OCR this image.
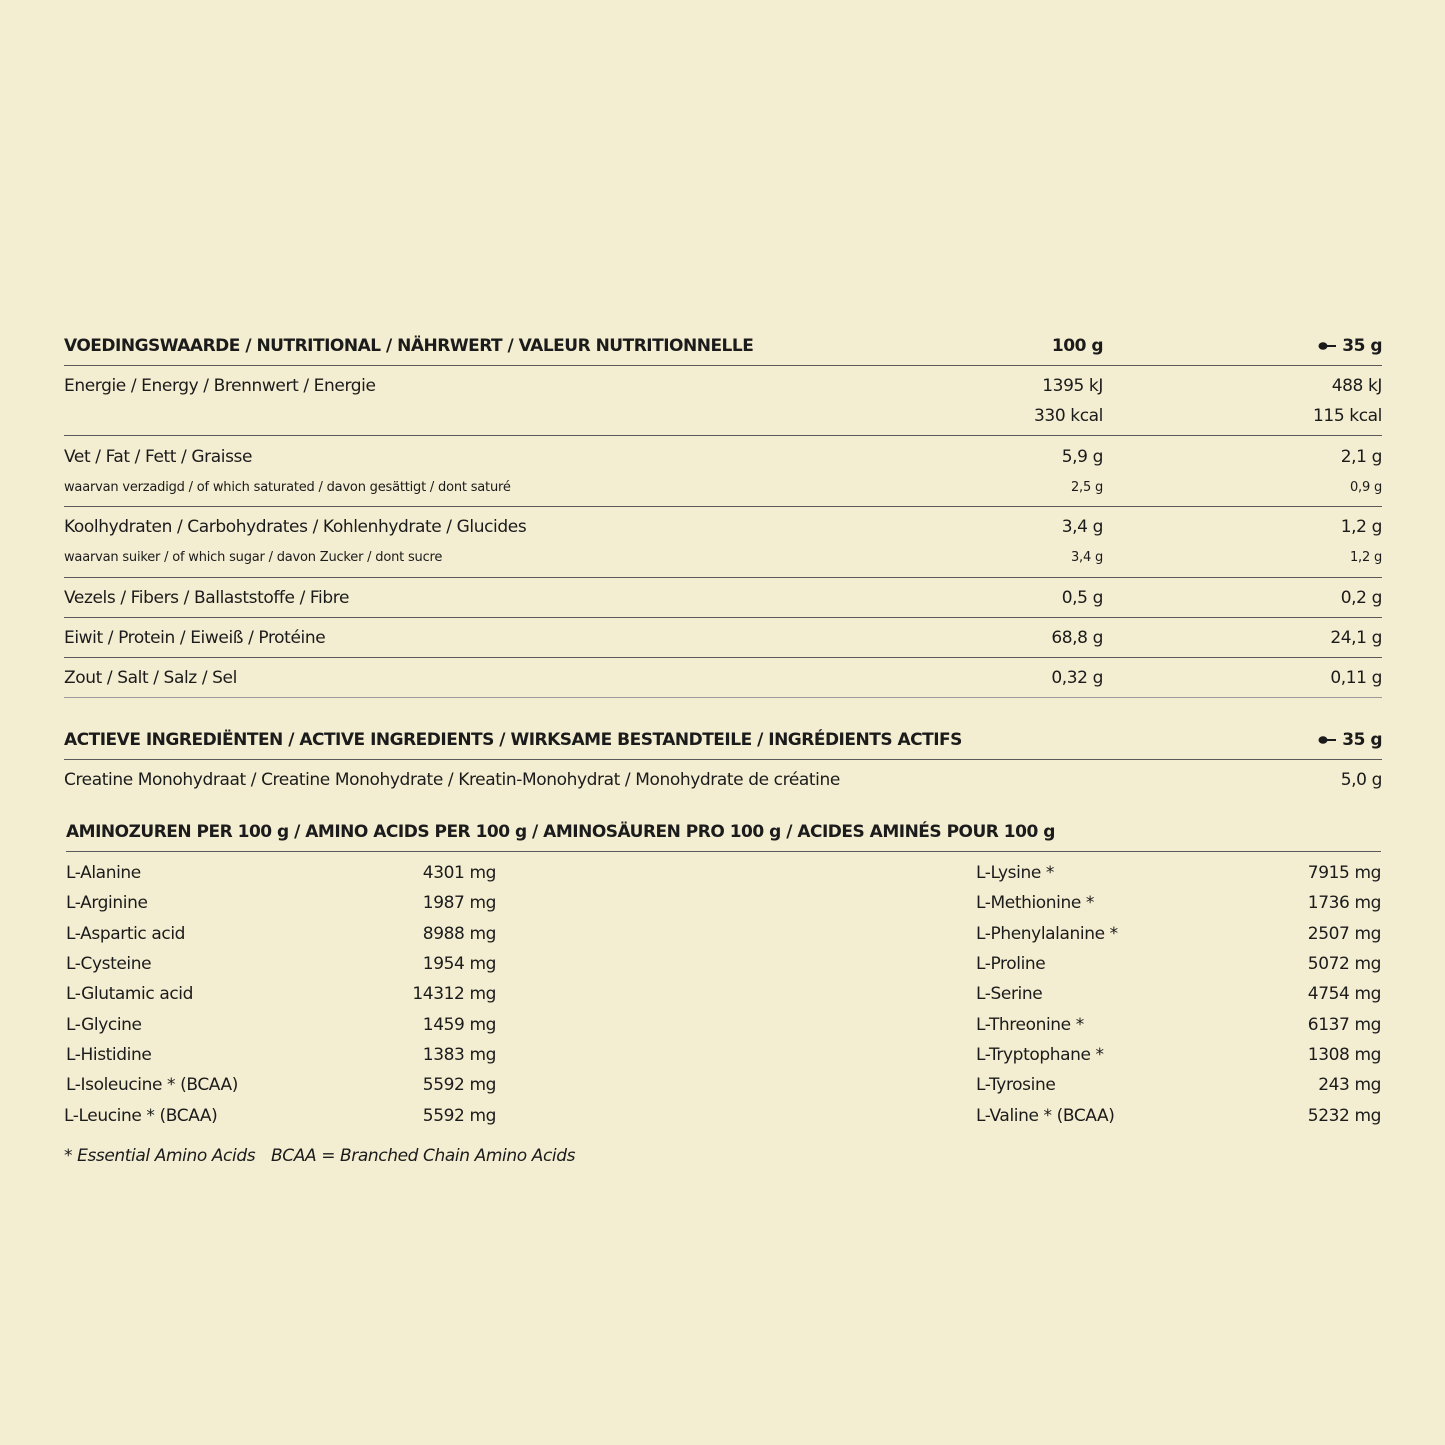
VOEDINGSWAARDE / NUTRITIONAL / NÄHRWERT / VALEUR NUTRITIONNELLE	100 g	35 g
Energie / Energy / Brennwert / Energie	1395 kJ	488 kJ
330 kcal	115 kcal
Vet / Fat / Fett / Graisse	5,9 g	2,1 g
waarvan verzadigd / of which saturated / davon gesättigt / dont saturé	2,5 g	0,9 g
Koolhydraten / Carbohydrates / Kohlenhydrate / Glucides	3,4 g	1,2 g
waarvan suiker / of which sugar / davon Zucker / dont sucre	3,4 g	1,2 g
Vezels / Fibers / Ballaststoffe / Fibre	0,5 g	0,2 g
Eiwit / Protein / Eiweiß / Protéine	68,8 g	24,1 g
Zout / Salt / Salz / Sel	0,32 g	0,11 g
ACTIEVE INGREDIËNTEN / ACTIVE INGREDIENTS / WIRKSAME BESTANDTEILE / INGRÉDIENTS ACTIFS	35 g
Creatine Monohydraat / Creatine Monohydrate / Kreatin-Monohydrat / Monohydrate de créatine	5,0 g
AMINOZUREN PER 100 g / AMINO ACIDS PER 100 g / AMINOSÄUREN PRO 100 g / ACIDES AMINÉS POUR 100 g
L-Alanine	4301 mg
L-Arginine	1987 mg
L-Aspartic acid	8988 mg
L-Cysteine	1954 mg
L-Glutamic acid	14312 mg
L-Glycine	1459 mg
L-Histidine	1383 mg
L-Isoleucine * (BCAA)	5592 mg
L-Leucine * (BCAA)	5592 mg
L-Lysine *	7915 mg
L-Methionine *	1736 mg
L-Phenylalanine *	2507 mg
L-Proline	5072 mg
L-Serine	4754 mg
L-Threonine *	6137 mg
L-Tryptophane *	1308 mg
L-Tyrosine	243 mg
L-Valine * (BCAA)	5232 mg
* Essential Amino Acids BCAA = Branched Chain Amino Acids
